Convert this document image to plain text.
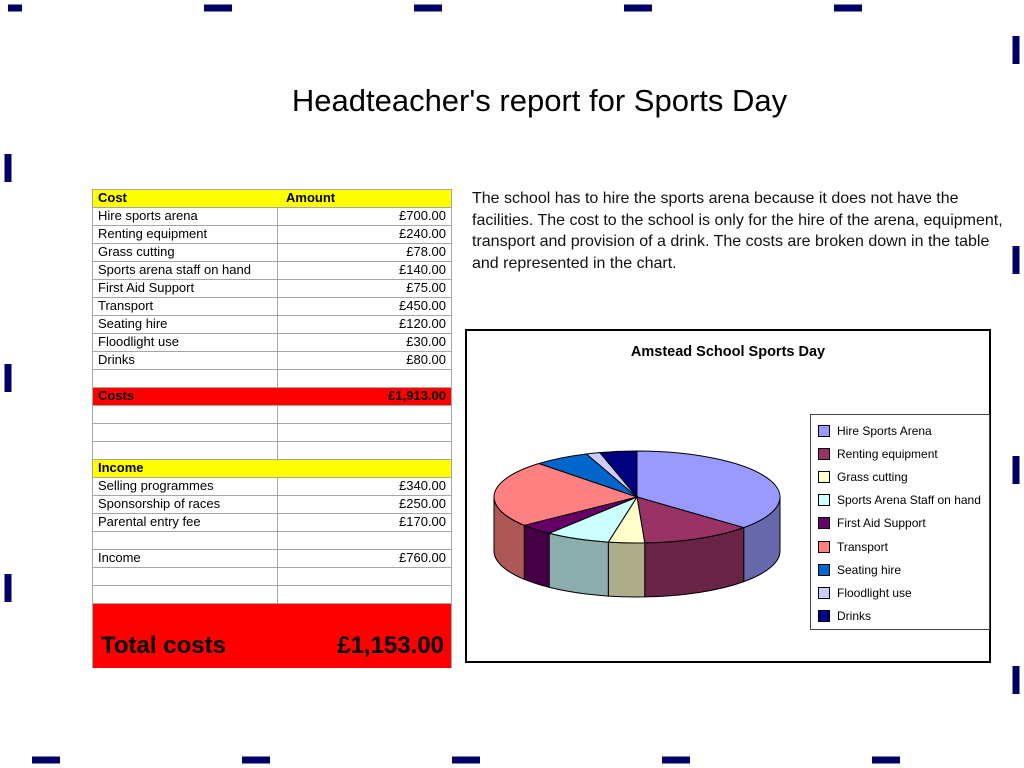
Headteacher's report for Sports Day

The school has to hire the sports arena because it does not have the facilities. The cost to the school is only for the hire of the arena, equipment, transport and provision of a drink. The costs are broken down in the table and represented in the chart.

Cost	Amount
Hire sports arena	£700.00
Renting equipment	£240.00
Grass cutting	£78.00
Sports arena staff on hand	£140.00
First Aid Support	£75.00
Transport	£450.00
Seating hire	£120.00
Floodlight use	£30.00
Drinks	£80.00
Costs	£1,913.00
Income
Selling programmes	£340.00
Sponsorship of races	£250.00
Parental entry fee	£170.00
Income	£760.00
Total costs	£1,153.00
Amstead School Sports Day
Hire Sports Arena
Renting equipment
Grass cutting
Sports Arena Staff on hand
First Aid Support
Transport
Seating hire
Floodlight use
Drinks
